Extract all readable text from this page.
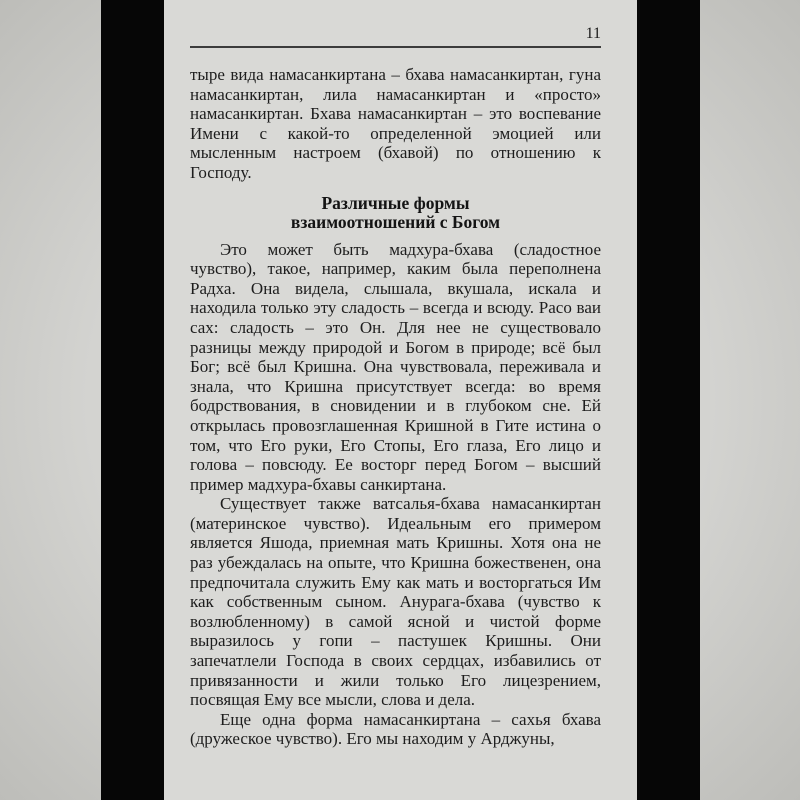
11

тыре вида намасанкиртана – бхава намасанкиртан, гуна намасанкиртан, лила намасанкиртан и «просто» намасанкиртан. Бхава намасанкиртан – это воспевание Имени с какой-то определенной эмоцией или мысленным настроем (бхавой) по отношению к Господу.

Различные формы
взаимоотношений с Богом

Это может быть мадхура-бхава (сладостное чувство), такое, например, каким была переполнена Радха. Она видела, слышала, вкушала, искала и находила только эту сладость – всегда и всюду. Расо ваи сах: сладость – это Он. Для нее не существовало разницы между природой и Богом в природе; всё был Бог; всё был Кришна. Она чувствовала, переживала и знала, что Кришна присутствует всегда: во время бодрствования, в сновидении и в глубоком сне. Ей открылась провозглашенная Кришной в Гите истина о том, что Его руки, Его Стопы, Его глаза, Его лицо и голова – повсюду. Ее восторг перед Богом – высший пример мадхура-бхавы санкиртана.

Существует также ватсалья-бхава намасанкиртан (материнское чувство). Идеальным его примером является Яшода, приемная мать Кришны. Хотя она не раз убеждалась на опыте, что Кришна божественен, она предпочитала служить Ему как мать и восторгаться Им как собственным сыном. Анурага-бхава (чувство к возлюбленному) в самой ясной и чистой форме выразилось у гопи – пастушек Кришны. Они запечатлели Господа в своих сердцах, избавились от привязанности и жили только Его лицезрением, посвящая Ему все мысли, слова и дела.

Еще одна форма намасанкиртана – сахья бхава (дружеское чувство). Его мы находим у Арджуны,
